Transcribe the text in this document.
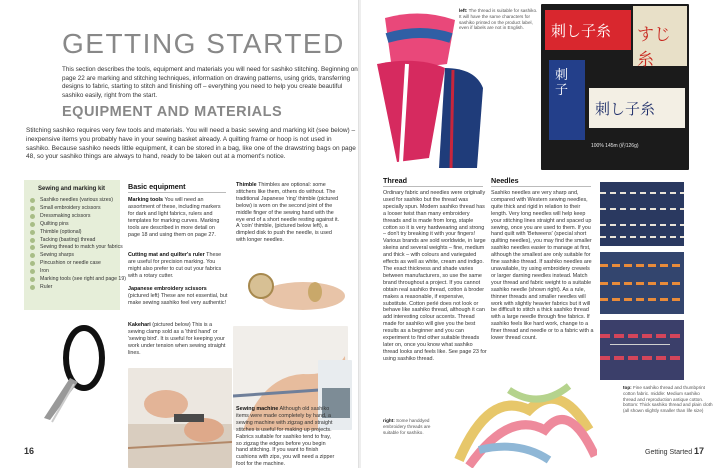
GETTING STARTED

This section describes the tools, equipment and materials you will need for sashiko stitching. Beginning on page 22 are marking and stitching techniques, information on drawing patterns, using grids, transferring designs to fabric, starting to stitch and finishing off – everything you need to help you create beautiful sashiko easily, right from the start.

EQUIPMENT AND MATERIALS

Stitching sashiko requires very few tools and materials. You will need a basic sewing and marking kit (see below) – inexpensive items you probably have in your sewing basket already. A quilting frame or hoop is not used in sashiko. Because sashiko needs little equipment, it can be stored in a bag, like one of the drawstring bags on page 48, so your sashiko things are always to hand, ready to be taken out at a moment's notice.

Sewing and marking kit
Sashiko needles (various sizes)
Small embroidery scissors
Dressmaking scissors
Quilting pins
Thimble (optional)
Tacking (basting) thread
Sewing thread to match your fabrics
Sewing sharps
Pincushion or needle case
Iron
Marking tools (see right and page 19)
Ruler
Basic equipment

Marking tools You will need an assortment of these, including markers for dark and light fabrics, rulers and templates for marking curves. Marking tools are described in more detail on page 18 and using them on page 27.

Cutting mat and quilter's ruler These are useful for precision marking. You might also prefer to cut out your fabrics with a rotary cutter.

Japanese embroidery scissors (pictured left) These are not essential, but make sewing sashiko feel very authentic!

Kakehari (pictured below) This is a sewing clamp sold as a 'third hand' or 'sewing bird'. It is useful for keeping your work under tension when sewing straight lines.

Thimble Thimbles are optional: some stitchers like them, others do without. The traditional Japanese 'ring' thimble (pictured below) is worn on the second joint of the middle finger of the sewing hand with the eye end of a short needle resting against it. A 'coin' thimble, (pictured below left), a dimpled disk to push the needle, is used with longer needles.

Sewing machine Although old sashiko items were made completely by hand, a sewing machine with zigzag and straight stitches is useful for making up projects. Fabrics suitable for sashiko tend to fray, so zigzag the edges before you begin hand stitching. If you want to finish cushions with zips, you will need a zipper foot for the machine.

16

left: The thread is suitable for sashiko. It will have the same characters for sashiko printed on the product label, even if labels are not in English.	刺し子糸 すじ糸
刺子
刺し子糸
100% 145m (約126g)
Thread

Ordinary fabric and needles were originally used for sashiko but the thread was specially spun. Modern sashiko thread has a looser twist than many embroidery threads and is made from long, staple cotton so it is very hardwearing and strong – don't try breaking it with your fingers! Various brands are sold worldwide, in large skeins and several weights – fine, medium and thick – with colours and variegated effects as well as white, cream and indigo. The exact thickness and shade varies between manufacturers, so use the same brand throughout a project. If you cannot obtain real sashiko thread, cotton à broder makes a reasonable, if expensive, substitute. Cotton perlé does not look or behave like sashiko thread, although it can add interesting colour accents. Thread made for sashiko will give you the best results as a beginner and you can experiment to find other suitable threads later on, once you know what sashiko thread looks and feels like. See page 23 for using sashiko thread.

Needles

Sashiko needles are very sharp and, compared with Western sewing needles, quite thick and rigid in relation to their length. Very long needles will help keep your stitching lines straight and spaced up sewing, once you are used to them. If you hand quilt with 'Betweens' (special short quilting needles), you may find the smaller sashiko needles easier to manage at first, although the smallest are only suitable for fine sashiko thread. If sashiko needles are unavailable, try using embroidery crewels or larger darning needles instead. Match your thread and fabric weight to a suitable sashiko needle (shown right). As a rule, thinner threads and smaller needles will work with slightly heavier fabrics but it will be difficult to stitch a thick sashiko thread with a large needle through fine fabrics. If sashiko feels like hard work, change to a finer thread and needle or to a fabric with a lower thread count.

right: Some handdyed embroidery threads are suitable for sashiko.

top: Fine sashiko thread and thumbprint cotton fabric. middle: Medium sashiko thread and reproduction antique cotton. bottom: Thick sashiko thread and plain cloth (all shown slightly smaller than life size)

Getting Started 17
